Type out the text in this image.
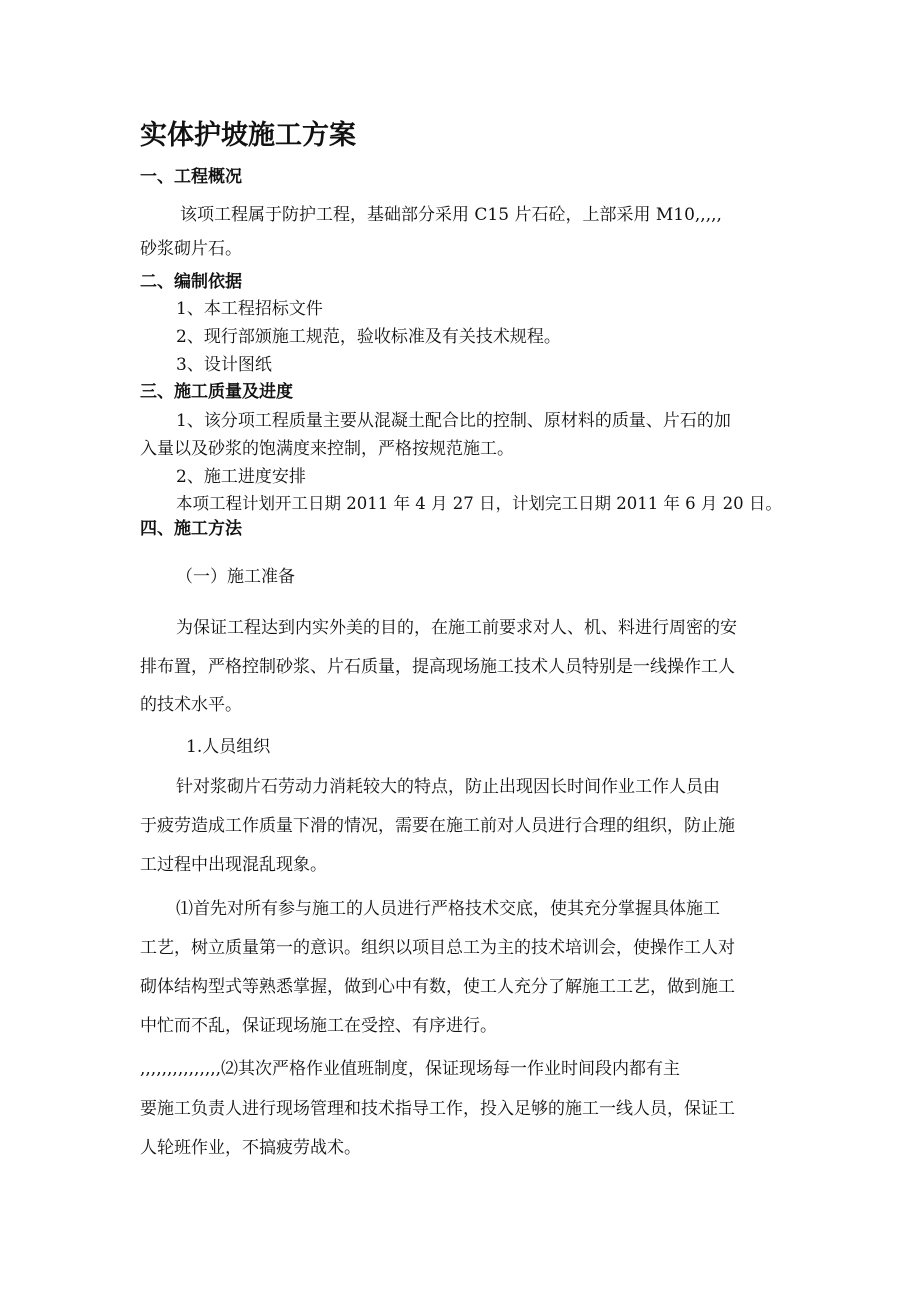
实体护坡施工方案
一、工程概况
该项工程属于防护工程，基础部分采用 C15 片石砼，上部采用 M10,,,,,
砂浆砌片石。
二、编制依据
1、本工程招标文件
2、现行部颁施工规范，验收标准及有关技术规程。
3、设计图纸
三、施工质量及进度
1、该分项工程质量主要从混凝土配合比的控制、原材料的质量、片石的加
入量以及砂浆的饱满度来控制，严格按规范施工。
2、施工进度安排
本项工程计划开工日期 2011 年 4 月 27 日，计划完工日期 2011 年 6 月 20 日。
四、施工方法
（一）施工准备
为保证工程达到内实外美的目的，在施工前要求对人、机、料进行周密的安
排布置，严格控制砂浆、片石质量，提高现场施工技术人员特别是一线操作工人
的技术水平。
1.人员组织
针对浆砌片石劳动力消耗较大的特点，防止出现因长时间作业工作人员由
于疲劳造成工作质量下滑的情况，需要在施工前对人员进行合理的组织，防止施
工过程中出现混乱现象。
⑴首先对所有参与施工的人员进行严格技术交底，使其充分掌握具体施工
工艺，树立质量第一的意识。组织以项目总工为主的技术培训会，使操作工人对
砌体结构型式等熟悉掌握，做到心中有数，使工人充分了解施工工艺，做到施工
中忙而不乱，保证现场施工在受控、有序进行。
,,,,,,,,,,,,,,,⑵其次严格作业值班制度，保证现场每一作业时间段内都有主
要施工负责人进行现场管理和技术指导工作，投入足够的施工一线人员，保证工
人轮班作业，不搞疲劳战术。
